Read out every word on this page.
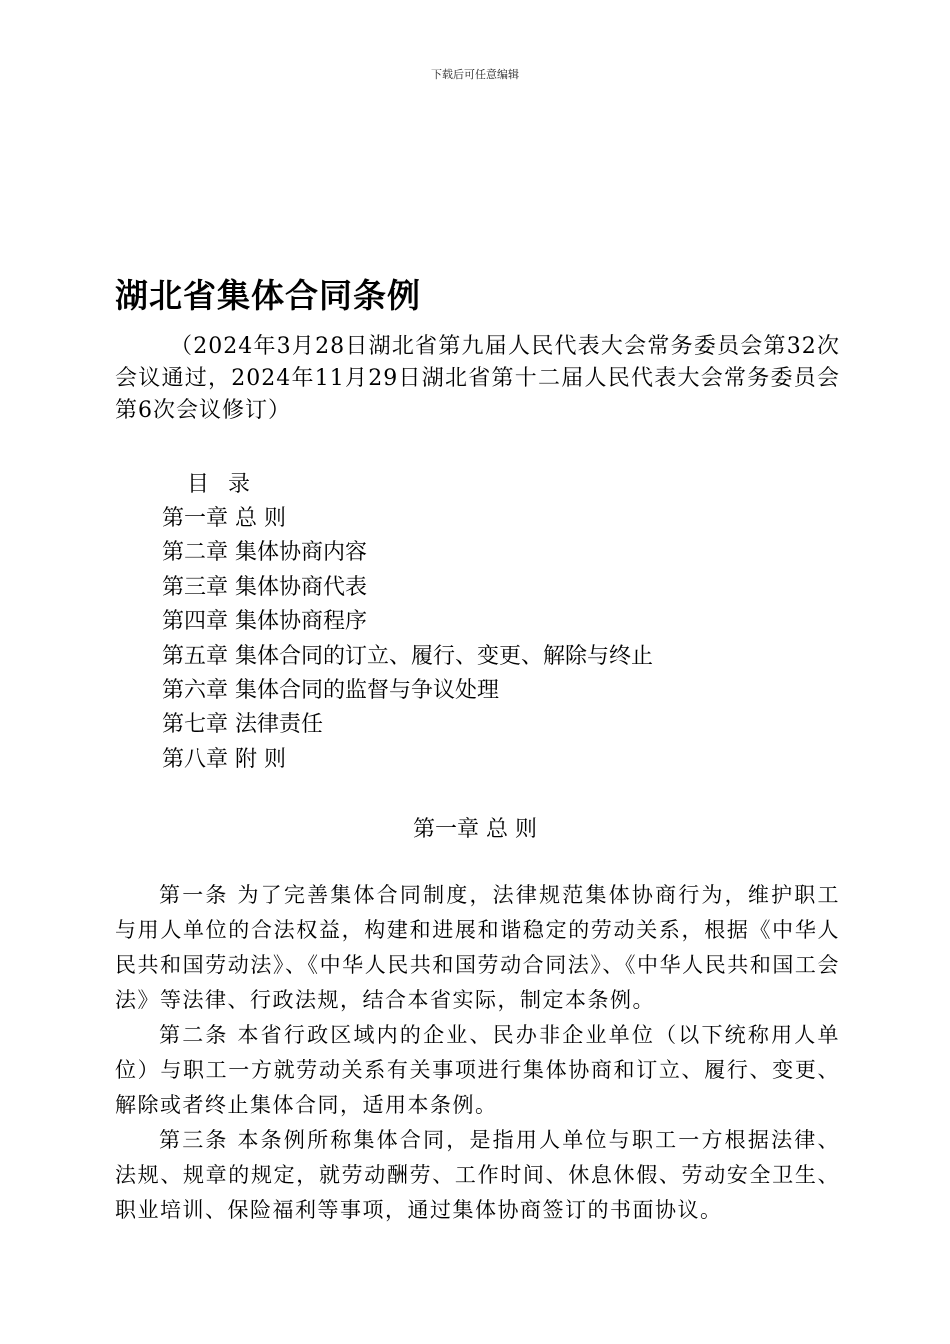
下载后可任意编辑
湖北省集体合同条例
（2024年3月28日湖北省第九届人民代表大会常务委员会第32次会议通过，2024年11月29日湖北省第十二届人民代表大会常务委员会第6次会议修订）
目 录
第一章 总 则
第二章 集体协商内容
第三章 集体协商代表
第四章 集体协商程序
第五章 集体合同的订立、履行、变更、解除与终止
第六章 集体合同的监督与争议处理
第七章 法律责任
第八章 附 则
第一章 总 则

第一条 为了完善集体合同制度，法律规范集体协商行为，维护职工与用人单位的合法权益，构建和进展和谐稳定的劳动关系，根据《中华人民共和国劳动法》、《中华人民共和国劳动合同法》、《中华人民共和国工会法》等法律、行政法规，结合本省实际，制定本条例。

第二条 本省行政区域内的企业、民办非企业单位（以下统称用人单位）与职工一方就劳动关系有关事项进行集体协商和订立、履行、变更、解除或者终止集体合同，适用本条例。

第三条 本条例所称集体合同，是指用人单位与职工一方根据法律、法规、规章的规定，就劳动酬劳、工作时间、休息休假、劳动安全卫生、职业培训、保险福利等事项，通过集体协商签订的书面协议。
